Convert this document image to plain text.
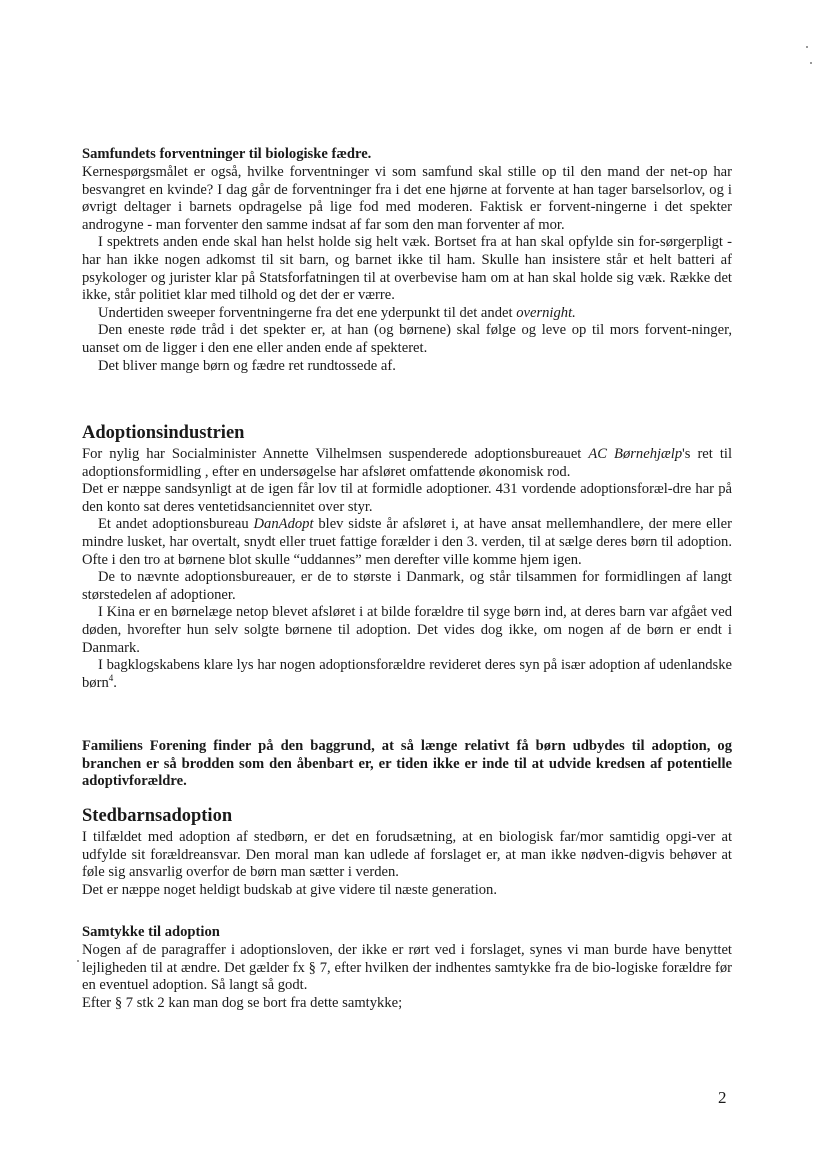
Samfundets forventninger til biologiske fædre.

Kernespørgsmålet er også, hvilke forventninger vi som samfund skal stille op til den mand der net-op har besvangret en kvinde? I dag går de forventninger fra i det ene hjørne at forvente at han tager barselsorlov, og i øvrigt deltager i barnets opdragelse på lige fod med moderen. Faktisk er forvent-ningerne i det spekter androgyne - man forventer den samme indsat af far som den man forventer af mor.

I spektrets anden ende skal han helst holde sig helt væk. Bortset fra at han skal opfylde sin for-sørgerpligt - har han ikke nogen adkomst til sit barn, og barnet ikke til ham. Skulle han insistere står et helt batteri af psykologer og jurister klar på Statsforfatningen til at overbevise ham om at han skal holde sig væk. Række det ikke, står politiet klar med tilhold og det der er værre.

Undertiden sweeper forventningerne fra det ene yderpunkt til det andet overnight.

Den eneste røde tråd i det spekter er, at han (og børnene) skal følge og leve op til mors forvent-ninger, uanset om de ligger i den ene eller anden ende af spekteret.

Det bliver mange børn og fædre ret rundtossede af.

Adoptionsindustrien

For nylig har Socialminister Annette Vilhelmsen suspenderede adoptionsbureauet AC Børnehjælp's ret til adoptionsformidling , efter en undersøgelse har afsløret omfattende økonomisk rod.

Det er næppe sandsynligt at de igen får lov til at formidle adoptioner. 431 vordende adoptionsforæl-dre har på den konto sat deres ventetidsanciennitet over styr.

Et andet adoptionsbureau DanAdopt blev sidste år afsløret i, at have ansat mellemhandlere, der mere eller mindre lusket, har overtalt, snydt eller truet fattige forælder i den 3. verden, til at sælge deres børn til adoption. Ofte i den tro at børnene blot skulle “uddannes” men derefter ville komme hjem igen.

De to nævnte adoptionsbureauer, er de to største i Danmark, og står tilsammen for formidlingen af langt størstedelen af adoptioner.

I Kina er en børnelæge netop blevet afsløret i at bilde forældre til syge børn ind, at deres barn var afgået ved døden, hvorefter hun selv solgte børnene til adoption. Det vides dog ikke, om nogen af de børn er endt i Danmark.

I bagklogskabens klare lys har nogen adoptionsforældre revideret deres syn på især adoption af udenlandske børn$^4$.

Familiens Forening finder på den baggrund, at så længe relativt få børn udbydes til adoption, og branchen er så brodden som den åbenbart er, er tiden ikke er inde til at udvide kredsen af potentielle adoptivforældre.

Stedbarnsadoption

I tilfældet med adoption af stedbørn, er det en forudsætning, at en biologisk far/mor samtidig opgi-ver at udfylde sit forældreansvar. Den moral man kan udlede af forslaget er, at man ikke nødven-digvis behøver at føle sig ansvarlig overfor de børn man sætter i verden.

Det er næppe noget heldigt budskab at give videre til næste generation.

Samtykke til adoption

Nogen af de paragraffer i adoptionsloven, der ikke er rørt ved i forslaget, synes vi man burde have benyttet lejligheden til at ændre. Det gælder fx § 7, efter hvilken der indhentes samtykke fra de bio-logiske forældre før en eventuel adoption. Så langt så godt.

Efter § 7 stk 2 kan man dog se bort fra dette samtykke;

2
